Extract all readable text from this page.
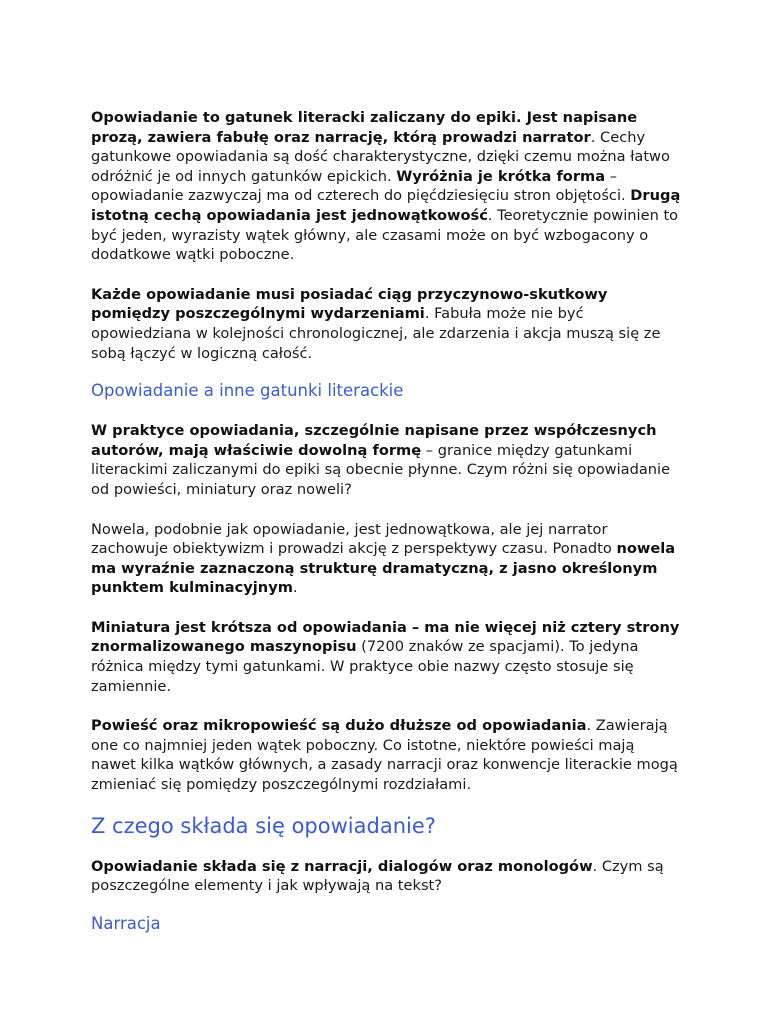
Opowiadanie to gatunek literacki zaliczany do epiki. Jest napisane prozą, zawiera fabułę oraz narrację, którą prowadzi narrator. Cechy gatunkowe opowiadania są dość charakterystyczne, dzięki czemu można łatwo odróżnić je od innych gatunków epickich. Wyróżnia je krótka forma – opowiadanie zazwyczaj ma od czterech do pięćdziesięciu stron objętości. Drugą istotną cechą opowiadania jest jednowątkowość. Teoretycznie powinien to być jeden, wyrazisty wątek główny, ale czasami może on być wzbogacony o dodatkowe wątki poboczne.

Każde opowiadanie musi posiadać ciąg przyczynowo-skutkowy pomiędzy poszczególnymi wydarzeniami. Fabuła może nie być opowiedziana w kolejności chronologicznej, ale zdarzenia i akcja muszą się ze sobą łączyć w logiczną całość.

Opowiadanie a inne gatunki literackie

W praktyce opowiadania, szczególnie napisane przez współczesnych autorów, mają właściwie dowolną formę – granice między gatunkami literackimi zaliczanymi do epiki są obecnie płynne. Czym różni się opowiadanie od powieści, miniatury oraz noweli?

Nowela, podobnie jak opowiadanie, jest jednowątkowa, ale jej narrator zachowuje obiektywizm i prowadzi akcję z perspektywy czasu. Ponadto nowela ma wyraźnie zaznaczoną strukturę dramatyczną, z jasno określonym punktem kulminacyjnym.

Miniatura jest krótsza od opowiadania – ma nie więcej niż cztery strony znormalizowanego maszynopisu (7200 znaków ze spacjami). To jedyna różnica między tymi gatunkami. W praktyce obie nazwy często stosuje się zamiennie.

Powieść oraz mikropowieść są dużo dłuższe od opowiadania. Zawierają one co najmniej jeden wątek poboczny. Co istotne, niektóre powieści mają nawet kilka wątków głównych, a zasady narracji oraz konwencje literackie mogą zmieniać się pomiędzy poszczególnymi rozdziałami.

Z czego składa się opowiadanie?

Opowiadanie składa się z narracji, dialogów oraz monologów. Czym są poszczególne elementy i jak wpływają na tekst?

Narracja
